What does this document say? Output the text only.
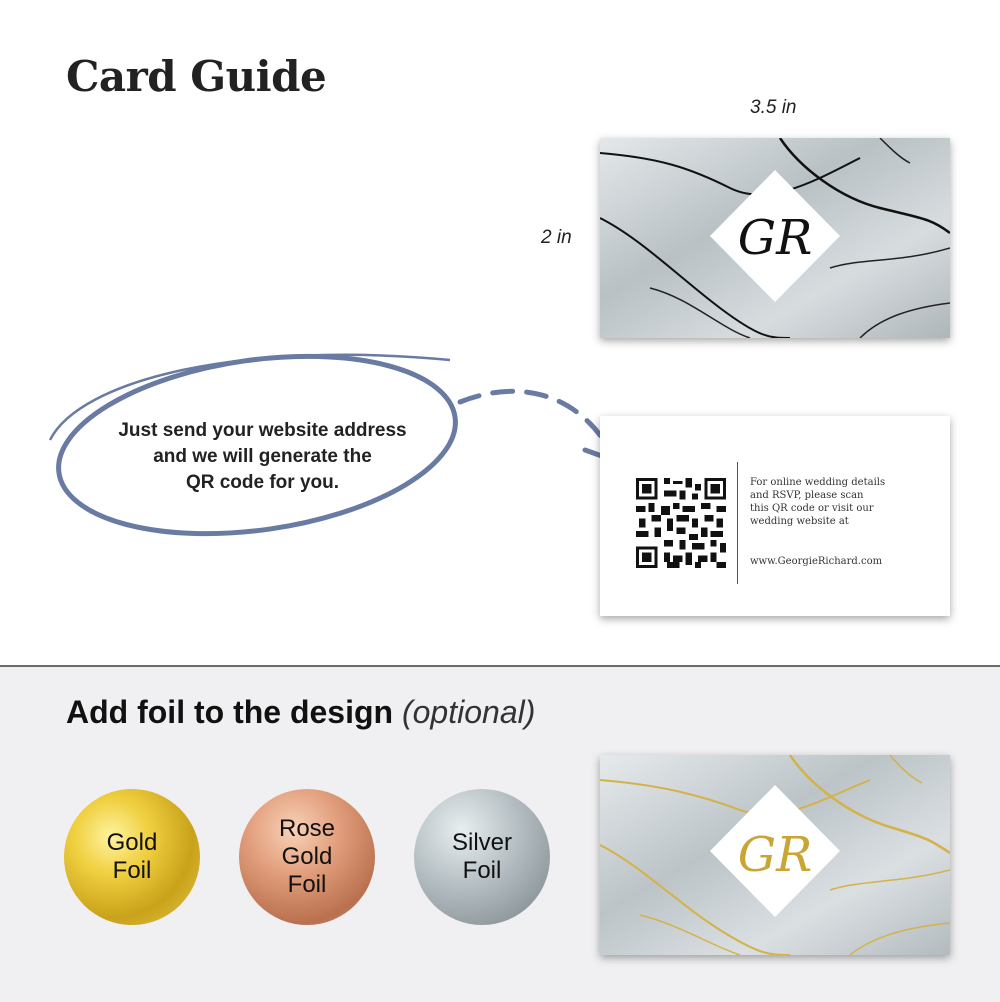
Card Guide
3.5 in
2 in	GR
Just send your website address
and we will generate the
QR code for you.	For online wedding details
and RSVP, please scan
this QR code or visit our
wedding website at
www.GeorgieRichard.com
Add foil to the design (optional)
Gold
Foil
Rose
Gold
Foil
Silver
Foil	GR
